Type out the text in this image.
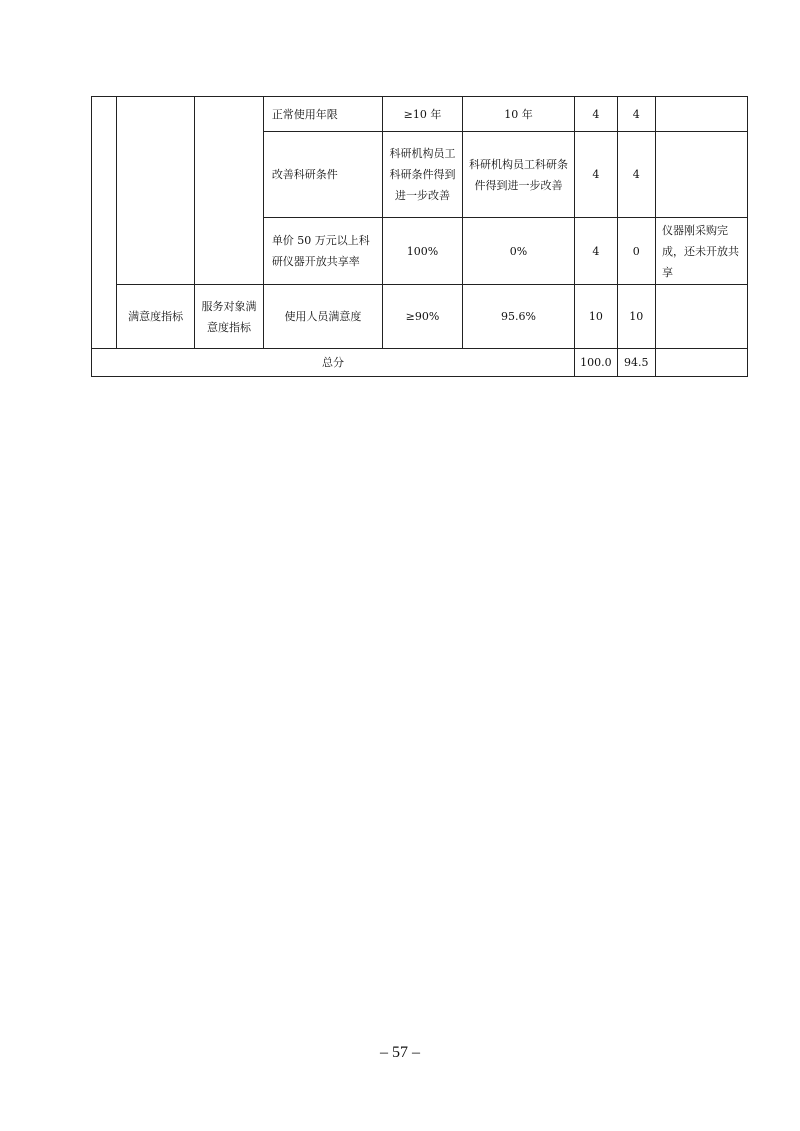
			正常使用年限	≥10 年	10 年	4	4	
			改善科研条件	科研机构员工科研条件得到进一步改善	科研机构员工科研条件得到进一步改善	4	4	
			单价 50 万元以上科研仪器开放共享率	100%	0%	4	0	仪器刚采购完成，还未开放共享
	满意度指标	服务对象满意度指标	使用人员满意度	≥90%	95.6%	10	10	
总分						100.0	94.5	
– 57 –
